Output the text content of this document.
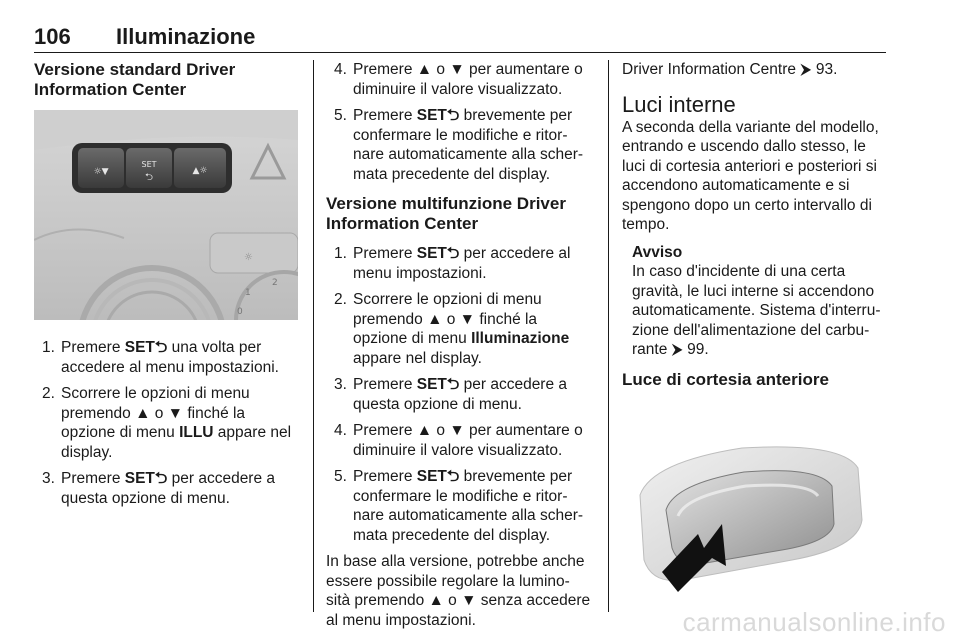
106 Illuminazione
Versione standard Driver Information Center
☼▼
SET
⮌
▲☼
☼
1
2
0
1. Premere SET⮌ una volta per accedere al menu impostazioni.
2. Scorrere le opzioni di menu premendo ▲ o ▼ finché la opzione di menu ILLU appare nel display.
3. Premere SET⮌ per accedere a questa opzione di menu.
4. Premere ▲ o ▼ per aumentare o diminuire il valore visualizzato.
5. Premere SET⮌ brevemente per confermare le modifiche e ritor-nare automaticamente alla scher-mata precedente del display.
Versione multifunzione Driver Information Center
1. Premere SET⮌ per accedere al menu impostazioni.
2. Scorrere le opzioni di menu premendo ▲ o ▼ finché la opzione di menu Illuminazione appare nel display.
3. Premere SET⮌ per accedere a questa opzione di menu.
4. Premere ▲ o ▼ per aumentare o diminuire il valore visualizzato.
5. Premere SET⮌ brevemente per confermare le modifiche e ritor-nare automaticamente alla scher-mata precedente del display.

In base alla versione, potrebbe anche essere possibile regolare la lumino-sità premendo ▲ o ▼ senza accedere al menu impostazioni.

Driver Information Centre ⮞ 93.

Luci interne

A seconda della variante del modello, entrando e uscendo dallo stesso, le luci di cortesia anteriori e posteriori si accendono automaticamente e si spengono dopo un certo intervallo di tempo.

Avviso
In caso d'incidente di una certa gravità, le luci interne si accendono automaticamente. Sistema d'interru-zione dell'alimentazione del carbu-rante ⮞ 99.
Luce di cortesia anteriore
carmanualsonline.info
